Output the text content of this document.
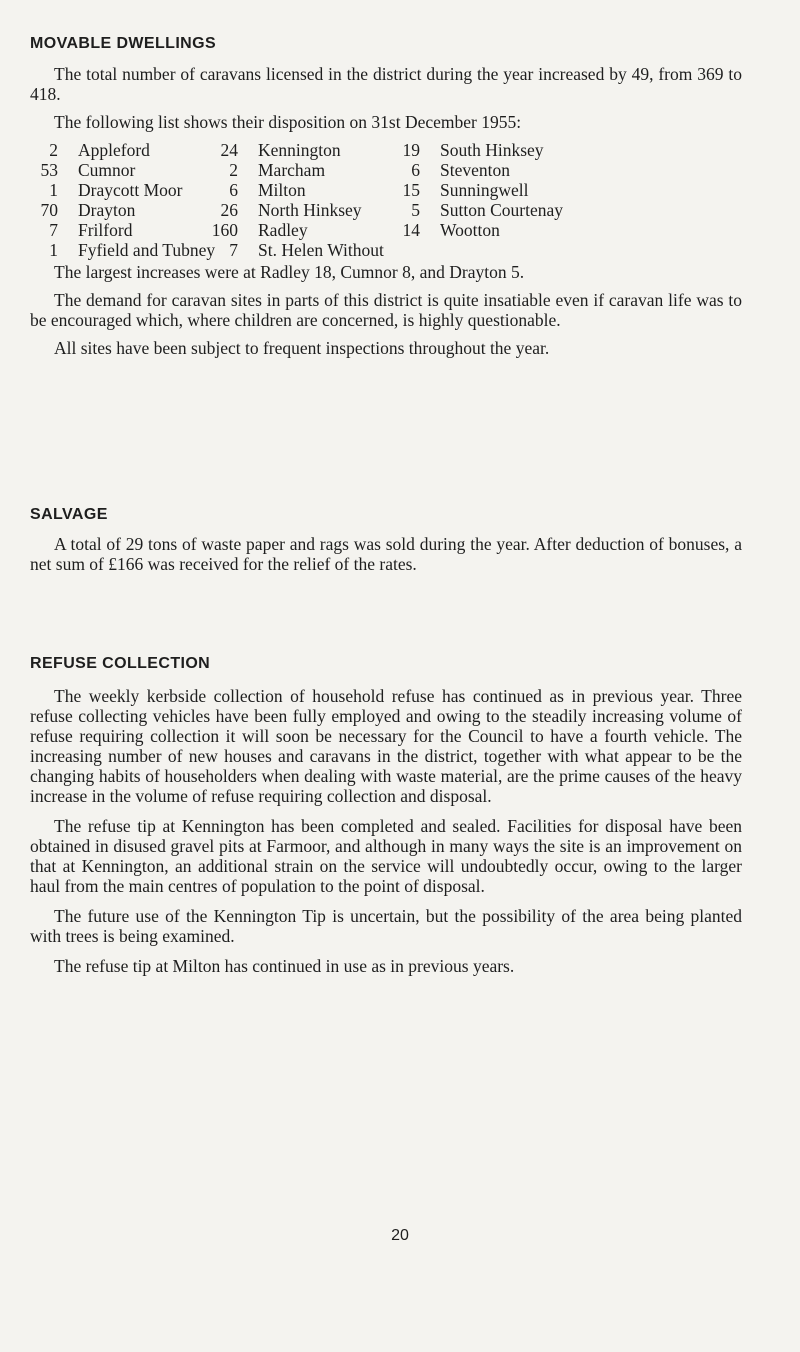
MOVABLE DWELLINGS

The total number of caravans licensed in the district during the year increased by 49, from 369 to 418.

The following list shows their disposition on 31st December 1955:

2	Appleford	24	Kennington	19	South Hinksey
53	Cumnor	2	Marcham	6	Steventon
1	Draycott Moor	6	Milton	15	Sunningwell
70	Drayton	26	North Hinksey	5	Sutton Courtenay
7	Frilford	160	Radley	14	Wootton
1	Fyfield and Tubney 7	St. Helen Without

The largest increases were at Radley 18, Cumnor 8, and Drayton 5.

The demand for caravan sites in parts of this district is quite insatiable even if caravan life was to be encouraged which, where children are concerned, is highly questionable.

All sites have been subject to frequent inspections throughout the year.

SALVAGE

A total of 29 tons of waste paper and rags was sold during the year. After deduction of bonuses, a net sum of £166 was received for the relief of the rates.

REFUSE COLLECTION

The weekly kerbside collection of household refuse has continued as in previous year. Three refuse collecting vehicles have been fully employed and owing to the steadily increasing volume of refuse requiring collection it will soon be necessary for the Council to have a fourth vehicle. The increasing number of new houses and caravans in the district, together with what appear to be the changing habits of householders when dealing with waste material, are the prime causes of the heavy increase in the volume of refuse requiring collection and disposal.

The refuse tip at Kennington has been completed and sealed. Facilities for disposal have been obtained in disused gravel pits at Farmoor, and although in many ways the site is an improvement on that at Kennington, an additional strain on the service will undoubtedly occur, owing to the larger haul from the main centres of population to the point of disposal.

The future use of the Kennington Tip is uncertain, but the possibility of the area being planted with trees is being examined.

The refuse tip at Milton has continued in use as in previous years.

20
